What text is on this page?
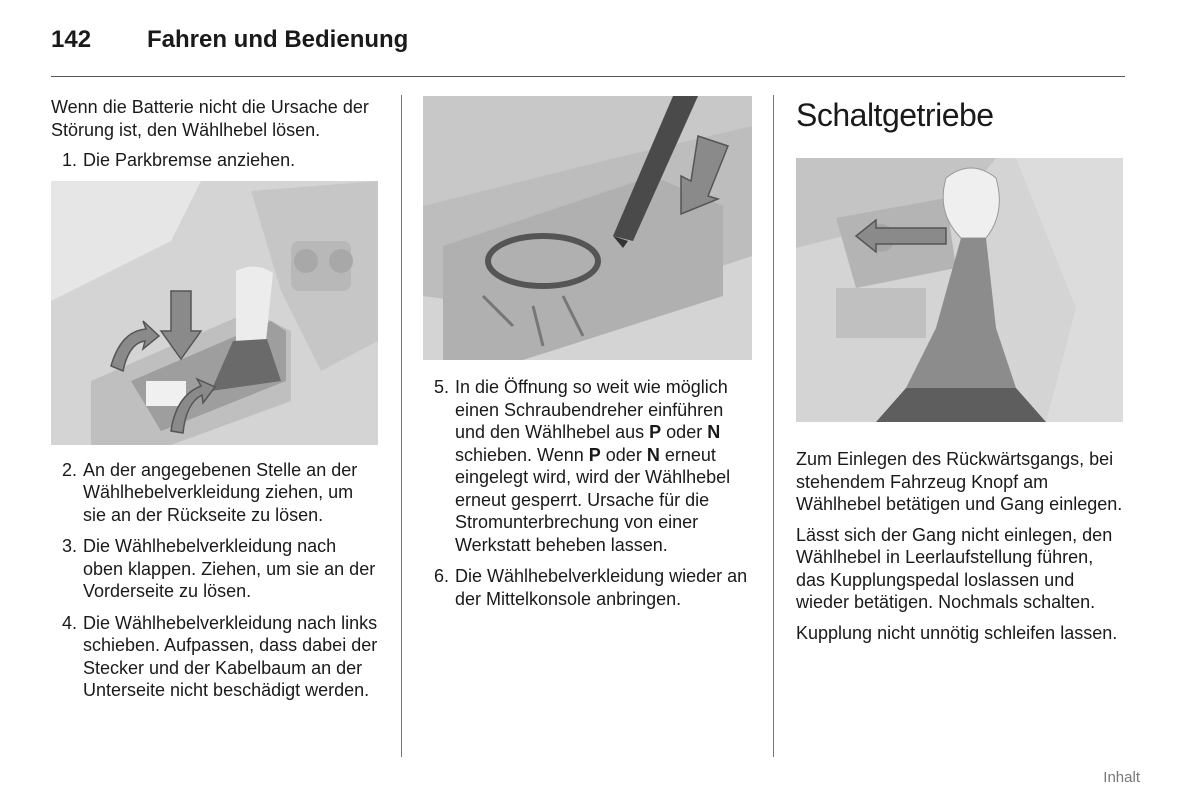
142 Fahren und Bedienung

Wenn die Batterie nicht die Ursache der Störung ist, den Wählhebel lösen.

1. Die Parkbremse anziehen.
2. An der angegebenen Stelle an der Wählhebelverkleidung ziehen, um sie an der Rückseite zu lösen.
3. Die Wählhebelverkleidung nach oben klappen. Ziehen, um sie an der Vorderseite zu lösen.
4. Die Wählhebelverkleidung nach links schieben. Aufpassen, dass dabei der Stecker und der Kabelbaum an der Unterseite nicht beschädigt werden.
5. In die Öffnung so weit wie möglich einen Schraubendreher einführen und den Wählhebel aus P oder N schieben. Wenn P oder N erneut eingelegt wird, wird der Wählhebel erneut gesperrt. Ursache für die Stromunterbrechung von einer Werkstatt beheben lassen.
6. Die Wählhebelverkleidung wieder an der Mittelkonsole anbringen.
Schaltgetriebe

Zum Einlegen des Rückwärtsgangs, bei stehendem Fahrzeug Knopf am Wählhebel betätigen und Gang einlegen.

Lässt sich der Gang nicht einlegen, den Wählhebel in Leerlaufstellung führen, das Kupplungspedal loslassen und wieder betätigen. Nochmals schalten.

Kupplung nicht unnötig schleifen lassen.

Inhalt
